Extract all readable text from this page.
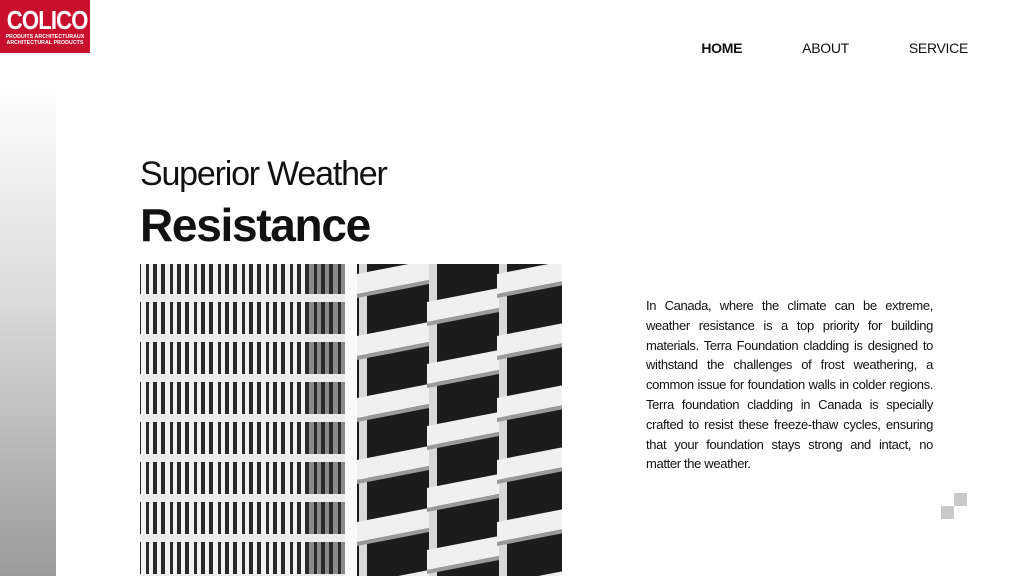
COLICO
PRODUITS ARCHITECTURAUX
ARCHITECTURAL PRODUCTS	HOME	ABOUT	SERVICE
Superior Weather
Resistance

In Canada, where the climate can be extreme, weather resistance is a top priority for building materials. Terra Foundation cladding is designed to withstand the challenges of frost weathering, a common issue for foundation walls in colder regions. Terra foundation cladding in Canada is specially crafted to resist these freeze-thaw cycles, ensuring that your foundation stays strong and intact, no matter the weather.
